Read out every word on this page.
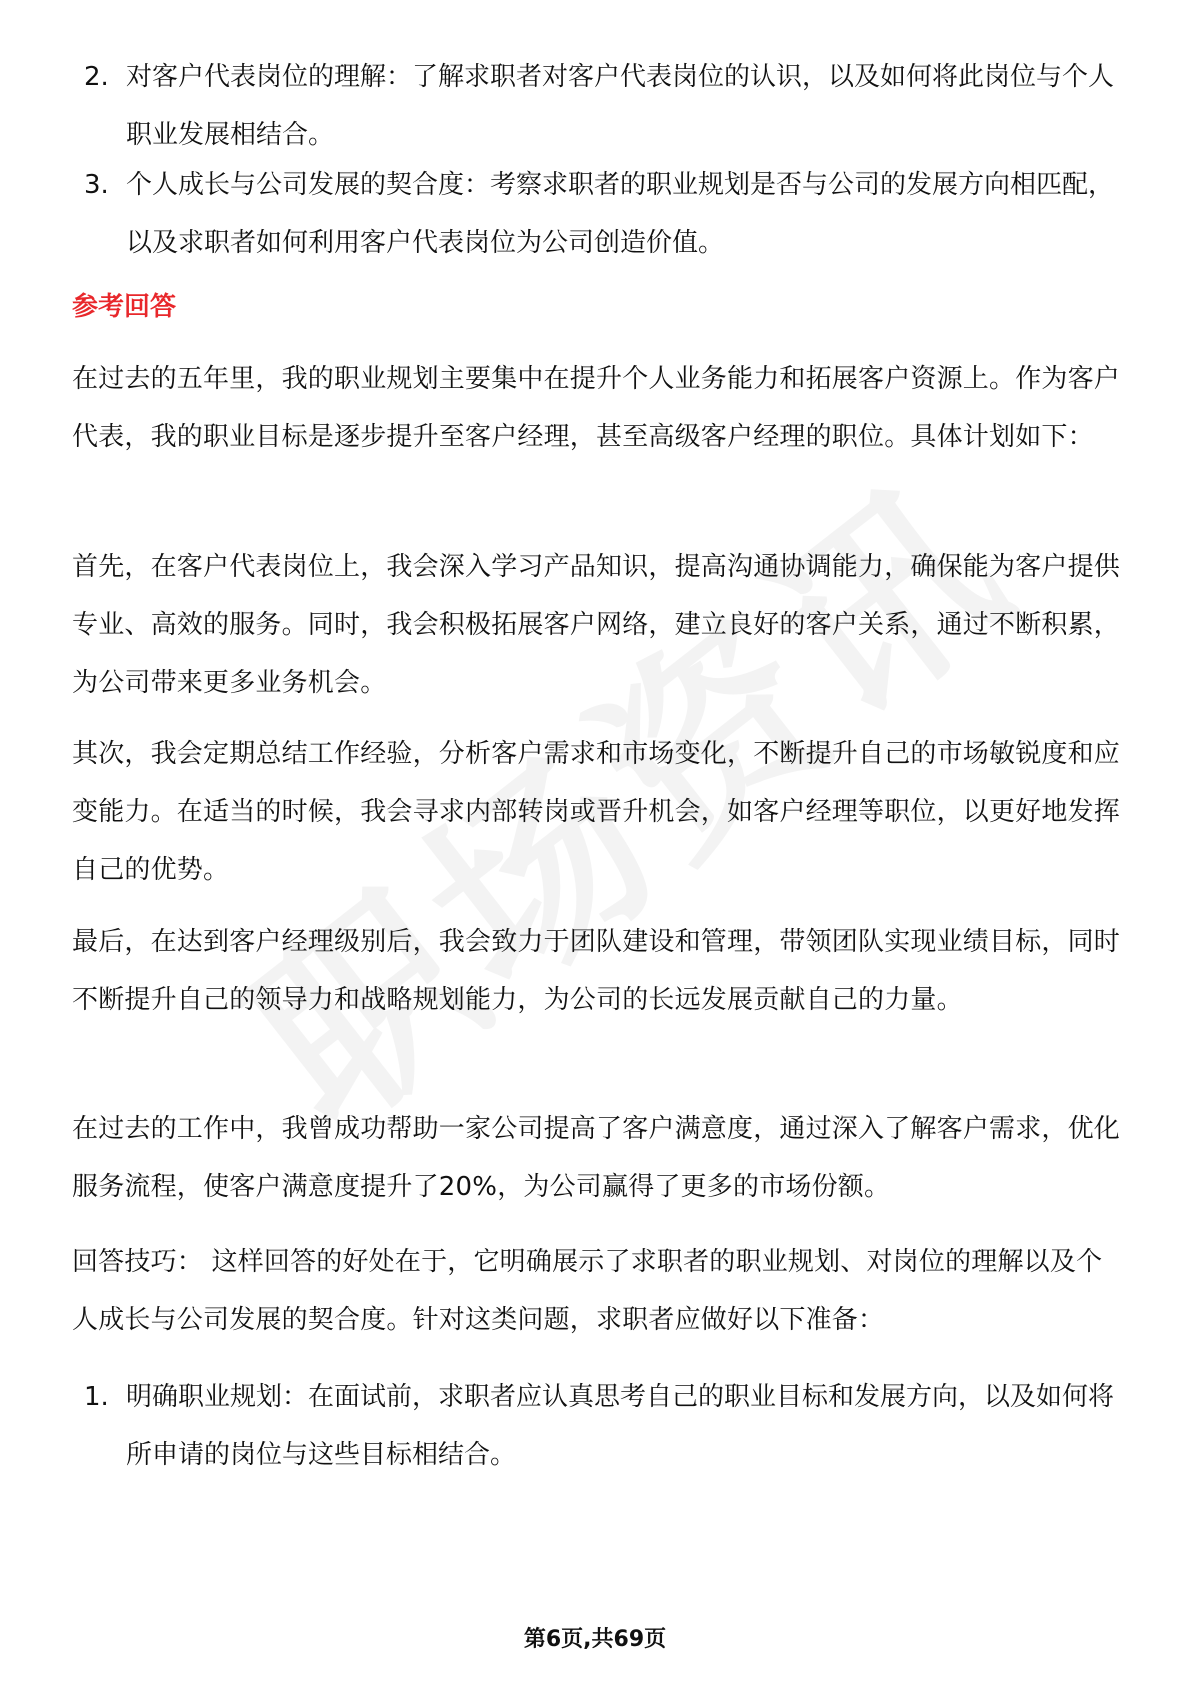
2. 对客户代表岗位的理解：了解求职者对客户代表岗位的认识，以及如何将此岗位与个人职业发展相结合。
3. 个人成长与公司发展的契合度：考察求职者的职业规划是否与公司的发展方向相匹配，以及求职者如何利用客户代表岗位为公司创造价值。
参考回答
在过去的五年里，我的职业规划主要集中在提升个人业务能力和拓展客户资源上。作为客户代表，我的职业目标是逐步提升至客户经理，甚至高级客户经理的职位。具体计划如下：
首先，在客户代表岗位上，我会深入学习产品知识，提高沟通协调能力，确保能为客户提供专业、高效的服务。同时，我会积极拓展客户网络，建立良好的客户关系，通过不断积累，为公司带来更多业务机会。
其次，我会定期总结工作经验，分析客户需求和市场变化，不断提升自己的市场敏锐度和应变能力。在适当的时候，我会寻求内部转岗或晋升机会，如客户经理等职位，以更好地发挥自己的优势。
最后，在达到客户经理级别后，我会致力于团队建设和管理，带领团队实现业绩目标，同时不断提升自己的领导力和战略规划能力，为公司的长远发展贡献自己的力量。
在过去的工作中，我曾成功帮助一家公司提高了客户满意度，通过深入了解客户需求，优化服务流程，使客户满意度提升了20%，为公司赢得了更多的市场份额。
回答技巧： 这样回答的好处在于，它明确展示了求职者的职业规划、对岗位的理解以及个人成长与公司发展的契合度。针对这类问题，求职者应做好以下准备：
1. 明确职业规划：在面试前，求职者应认真思考自己的职业目标和发展方向，以及如何将所申请的岗位与这些目标相结合。
第6页,共69页
